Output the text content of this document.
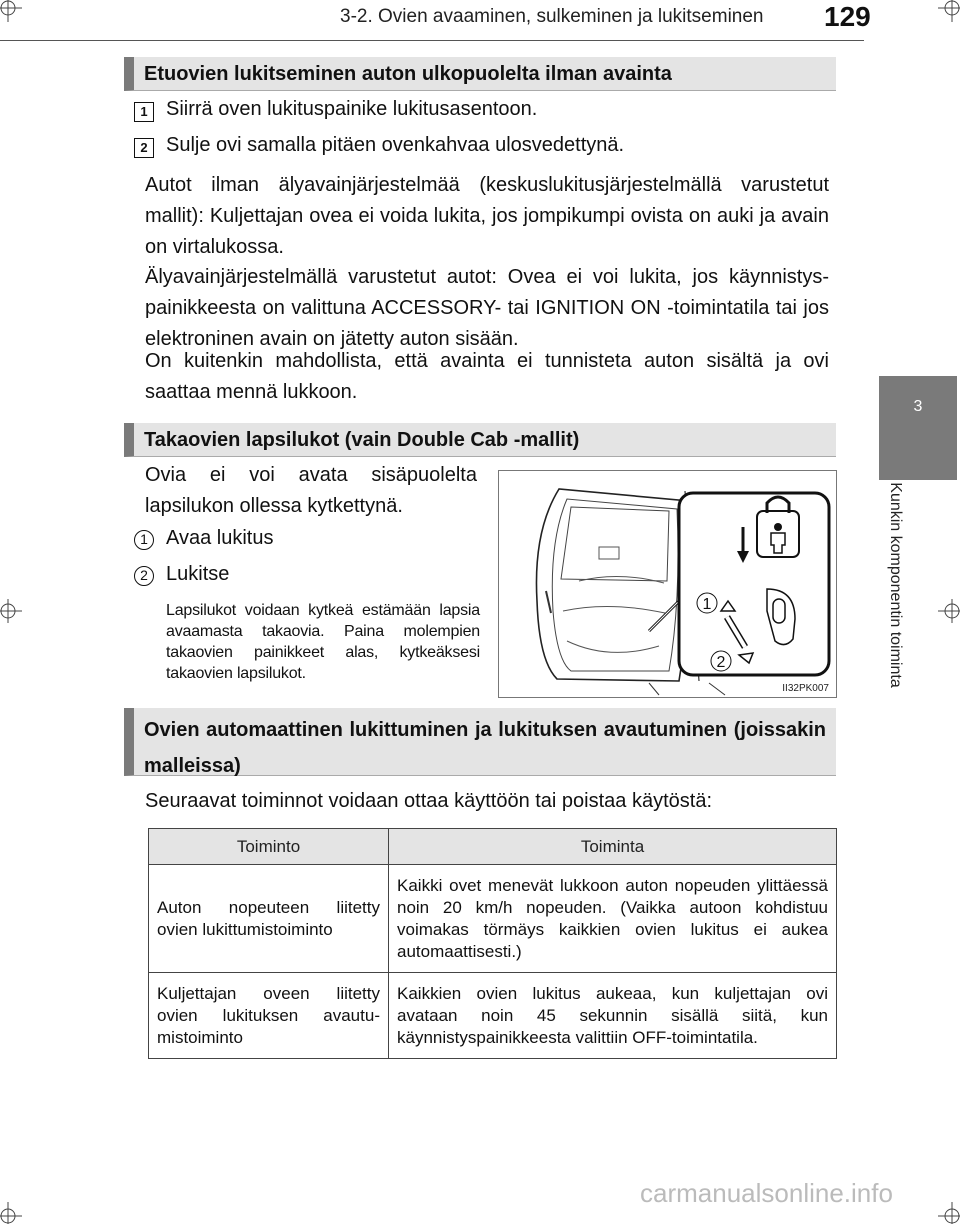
3-2. Ovien avaaminen, sulkeminen ja lukitseminen 129
3
Kunkin komponentin toiminta
Etuovien lukitseminen auton ulkopuolelta ilman avainta
1 Siirrä oven lukituspainike lukitusasentoon.
2 Sulje ovi samalla pitäen ovenkahvaa ulosvedettynä.
Autot ilman älyavainjärjestelmää (keskuslukitusjärjestelmällä varustetut mallit): Kuljettajan ovea ei voida lukita, jos jompikumpi ovista on auki ja avain on virtalukossa.
Älyavainjärjestelmällä varustetut autot: Ovea ei voi lukita, jos käynnistyspainikkeesta on valittuna ACCESSORY- tai IGNITION ON -toimintatila tai jos elektroninen avain on jätetty auton sisään.
On kuitenkin mahdollista, että avainta ei tunnisteta auton sisältä ja ovi saattaa mennä lukkoon.
Takaovien lapsilukot (vain Double Cab -mallit)
Ovia ei voi avata sisäpuolelta lapsilukon ollessa kytkettynä.
1 Avaa lukitus
2 Lukitse
Lapsilukot voidaan kytkeä estämään lapsia avaamasta takaovia. Paina molempien takaovien painikkeet alas, kytkeäksesi takaovien lapsilukot.
1
2
II32PK007
Ovien automaattinen lukittuminen ja lukituksen avautuminen (joissakin malleissa)
Seuraavat toiminnot voidaan ottaa käyttöön tai poistaa käytöstä:
Toiminto	Toiminta
Auton nopeuteen liitetty ovien lukittumistoiminto	Kaikki ovet menevät lukkoon auton nopeuden ylittäessä noin 20 km/h nopeuden. (Vaikka autoon kohdistuu voimakas törmäys kaikkien ovien lukitus ei aukea automaattisesti.)
Kuljettajan oveen liitetty ovien lukituksen avautumistoiminto	Kaikkien ovien lukitus aukeaa, kun kuljettajan ovi avataan noin 45 sekunnin sisällä siitä, kun käynnistyspainikkeesta valittiin OFF-toimintatila.
carmanualsonline.info
